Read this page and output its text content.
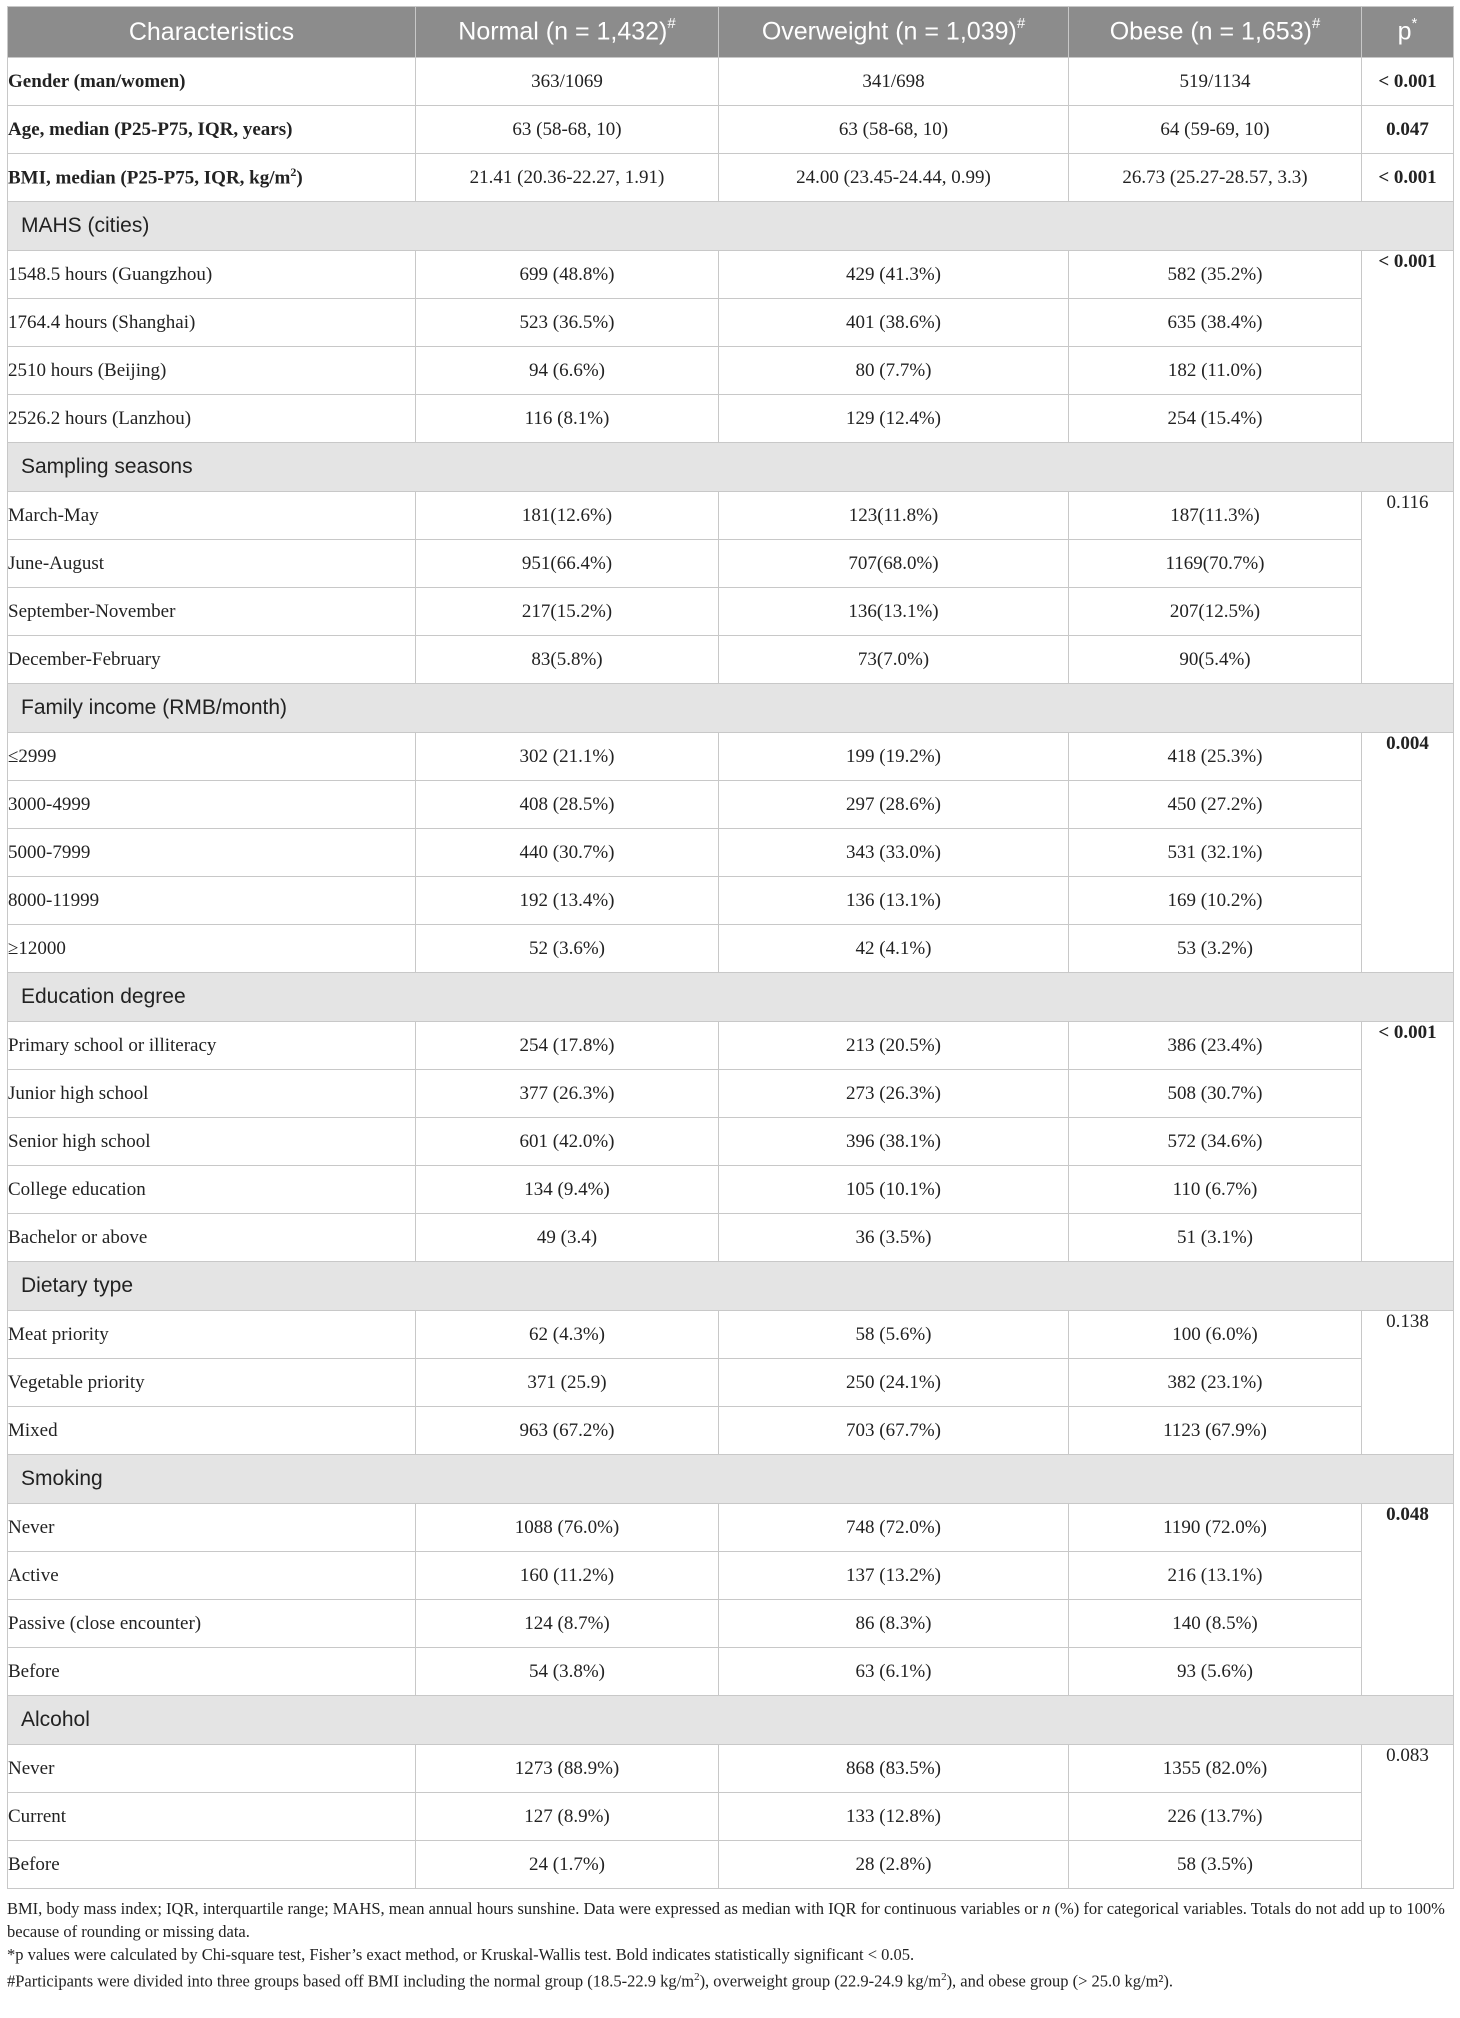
Characteristics	Normal (n = 1,432)#	Overweight (n = 1,039)#	Obese (n = 1,653)#	p*
Gender (man/women)	363/1069	341/698	519/1134	< 0.001
Age, median (P25-P75, IQR, years)	63 (58-68, 10)	63 (58-68, 10)	64 (59-69, 10)	0.047
BMI, median (P25-P75, IQR, $kg/m^2$)	21.41 (20.36-22.27, 1.91)	24.00 (23.45-24.44, 0.99)	26.73 (25.27-28.57, 3.3)	< 0.001
MAHS (cities)				
1548.5 hours (Guangzhou)	699 (48.8%)	429 (41.3%)	582 (35.2%)	< 0.001
1764.4 hours (Shanghai)	523 (36.5%)	401 (38.6%)	635 (38.4%)	
2510 hours (Beijing)	94 (6.6%)	80 (7.7%)	182 (11.0%)	
2526.2 hours (Lanzhou)	116 (8.1%)	129 (12.4%)	254 (15.4%)	
Sampling seasons				
March-May	181(12.6%)	123(11.8%)	187(11.3%)	0.116
June-August	951(66.4%)	707(68.0%)	1169(70.7%)	
September-November	217(15.2%)	136(13.1%)	207(12.5%)	
December-February	83(5.8%)	73(7.0%)	90(5.4%)	
Family income (RMB/month)				
≤2999	302 (21.1%)	199 (19.2%)	418 (25.3%)	0.004
3000-4999	408 (28.5%)	297 (28.6%)	450 (27.2%)	
5000-7999	440 (30.7%)	343 (33.0%)	531 (32.1%)	
8000-11999	192 (13.4%)	136 (13.1%)	169 (10.2%)	
≥12000	52 (3.6%)	42 (4.1%)	53 (3.2%)	
Education degree				
Primary school or illiteracy	254 (17.8%)	213 (20.5%)	386 (23.4%)	< 0.001
Junior high school	377 (26.3%)	273 (26.3%)	508 (30.7%)	
Senior high school	601 (42.0%)	396 (38.1%)	572 (34.6%)	
College education	134 (9.4%)	105 (10.1%)	110 (6.7%)	
Bachelor or above	49 (3.4)	36 (3.5%)	51 (3.1%)	
Dietary type				
Meat priority	62 (4.3%)	58 (5.6%)	100 (6.0%)	0.138
Vegetable priority	371 (25.9)	250 (24.1%)	382 (23.1%)	
Mixed	963 (67.2%)	703 (67.7%)	1123 (67.9%)	
Smoking				
Never	1088 (76.0%)	748 (72.0%)	1190 (72.0%)	0.048
Active	160 (11.2%)	137 (13.2%)	216 (13.1%)	
Passive (close encounter)	124 (8.7%)	86 (8.3%)	140 (8.5%)	
Before	54 (3.8%)	63 (6.1%)	93 (5.6%)	
Alcohol				
Never	1273 (88.9%)	868 (83.5%)	1355 (82.0%)	0.083
Current	127 (8.9%)	133 (12.8%)	226 (13.7%)	
Before	24 (1.7%)	28 (2.8%)	58 (3.5%)	

BMI, body mass index; IQR, interquartile range; MAHS, mean annual hours sunshine. Data were expressed as median with IQR for continuous variables or n (%) for categorical variables. Totals do not add up to 100% because of rounding or missing data.

*p values were calculated by Chi-square test, Fisher’s exact method, or Kruskal-Wallis test. Bold indicates statistically significant < 0.05.

#Participants were divided into three groups based off BMI including the normal group (18.5-22.9 $kg/m^2$), overweight group (22.9-24.9 $kg/m^2$), and obese group (> 25.0 kg/m²).
